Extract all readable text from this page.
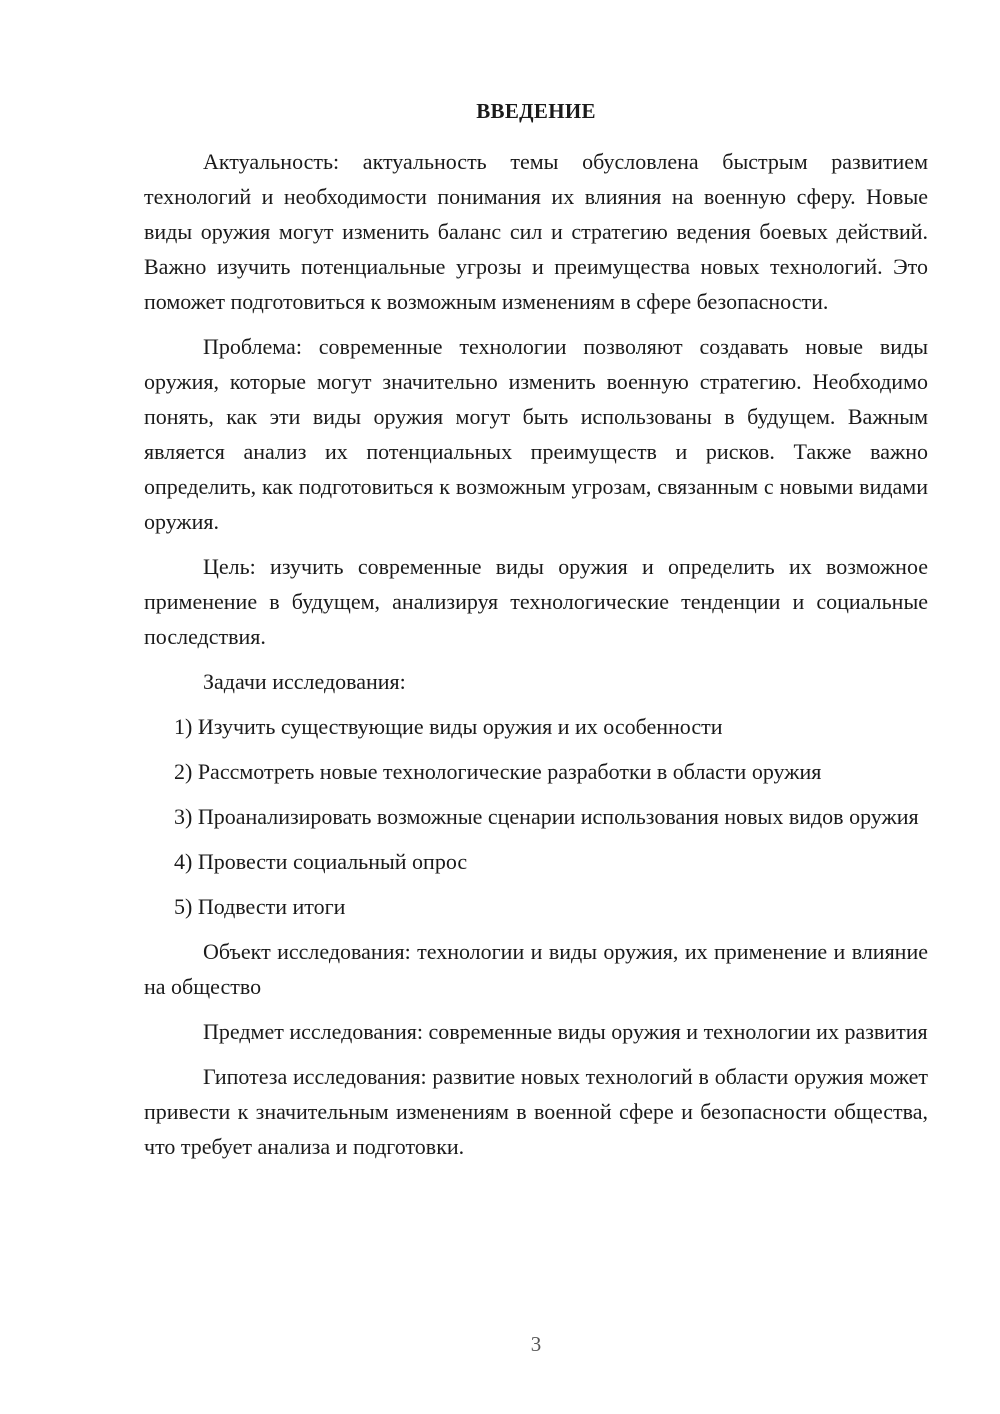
ВВЕДЕНИЕ

Актуальность: актуальность темы обусловлена быстрым развитием технологий и необходимости понимания их влияния на военную сферу. Новые виды оружия могут изменить баланс сил и стратегию ведения боевых действий. Важно изучить потенциальные угрозы и преимущества новых технологий. Это поможет подготовиться к возможным изменениям в сфере безопасности.

Проблема: современные технологии позволяют создавать новые виды оружия, которые могут значительно изменить военную стратегию. Необходимо понять, как эти виды оружия могут быть использованы в будущем. Важным является анализ их потенциальных преимуществ и рисков. Также важно определить, как подготовиться к возможным угрозам, связанным с новыми видами оружия.

Цель: изучить современные виды оружия и определить их возможное применение в будущем, анализируя технологические тенденции и социальные последствия.

Задачи исследования:

1) Изучить существующие виды оружия и их особенности

2) Рассмотреть новые технологические разработки в области оружия

3) Проанализировать возможные сценарии использования новых видов оружия

4) Провести социальный опрос

5) Подвести итоги

Объект исследования: технологии и виды оружия, их применение и влияние на общество

Предмет исследования: современные виды оружия и технологии их развития

Гипотеза исследования: развитие новых технологий в области оружия может привести к значительным изменениям в военной сфере и безопасности общества, что требует анализа и подготовки.

3
